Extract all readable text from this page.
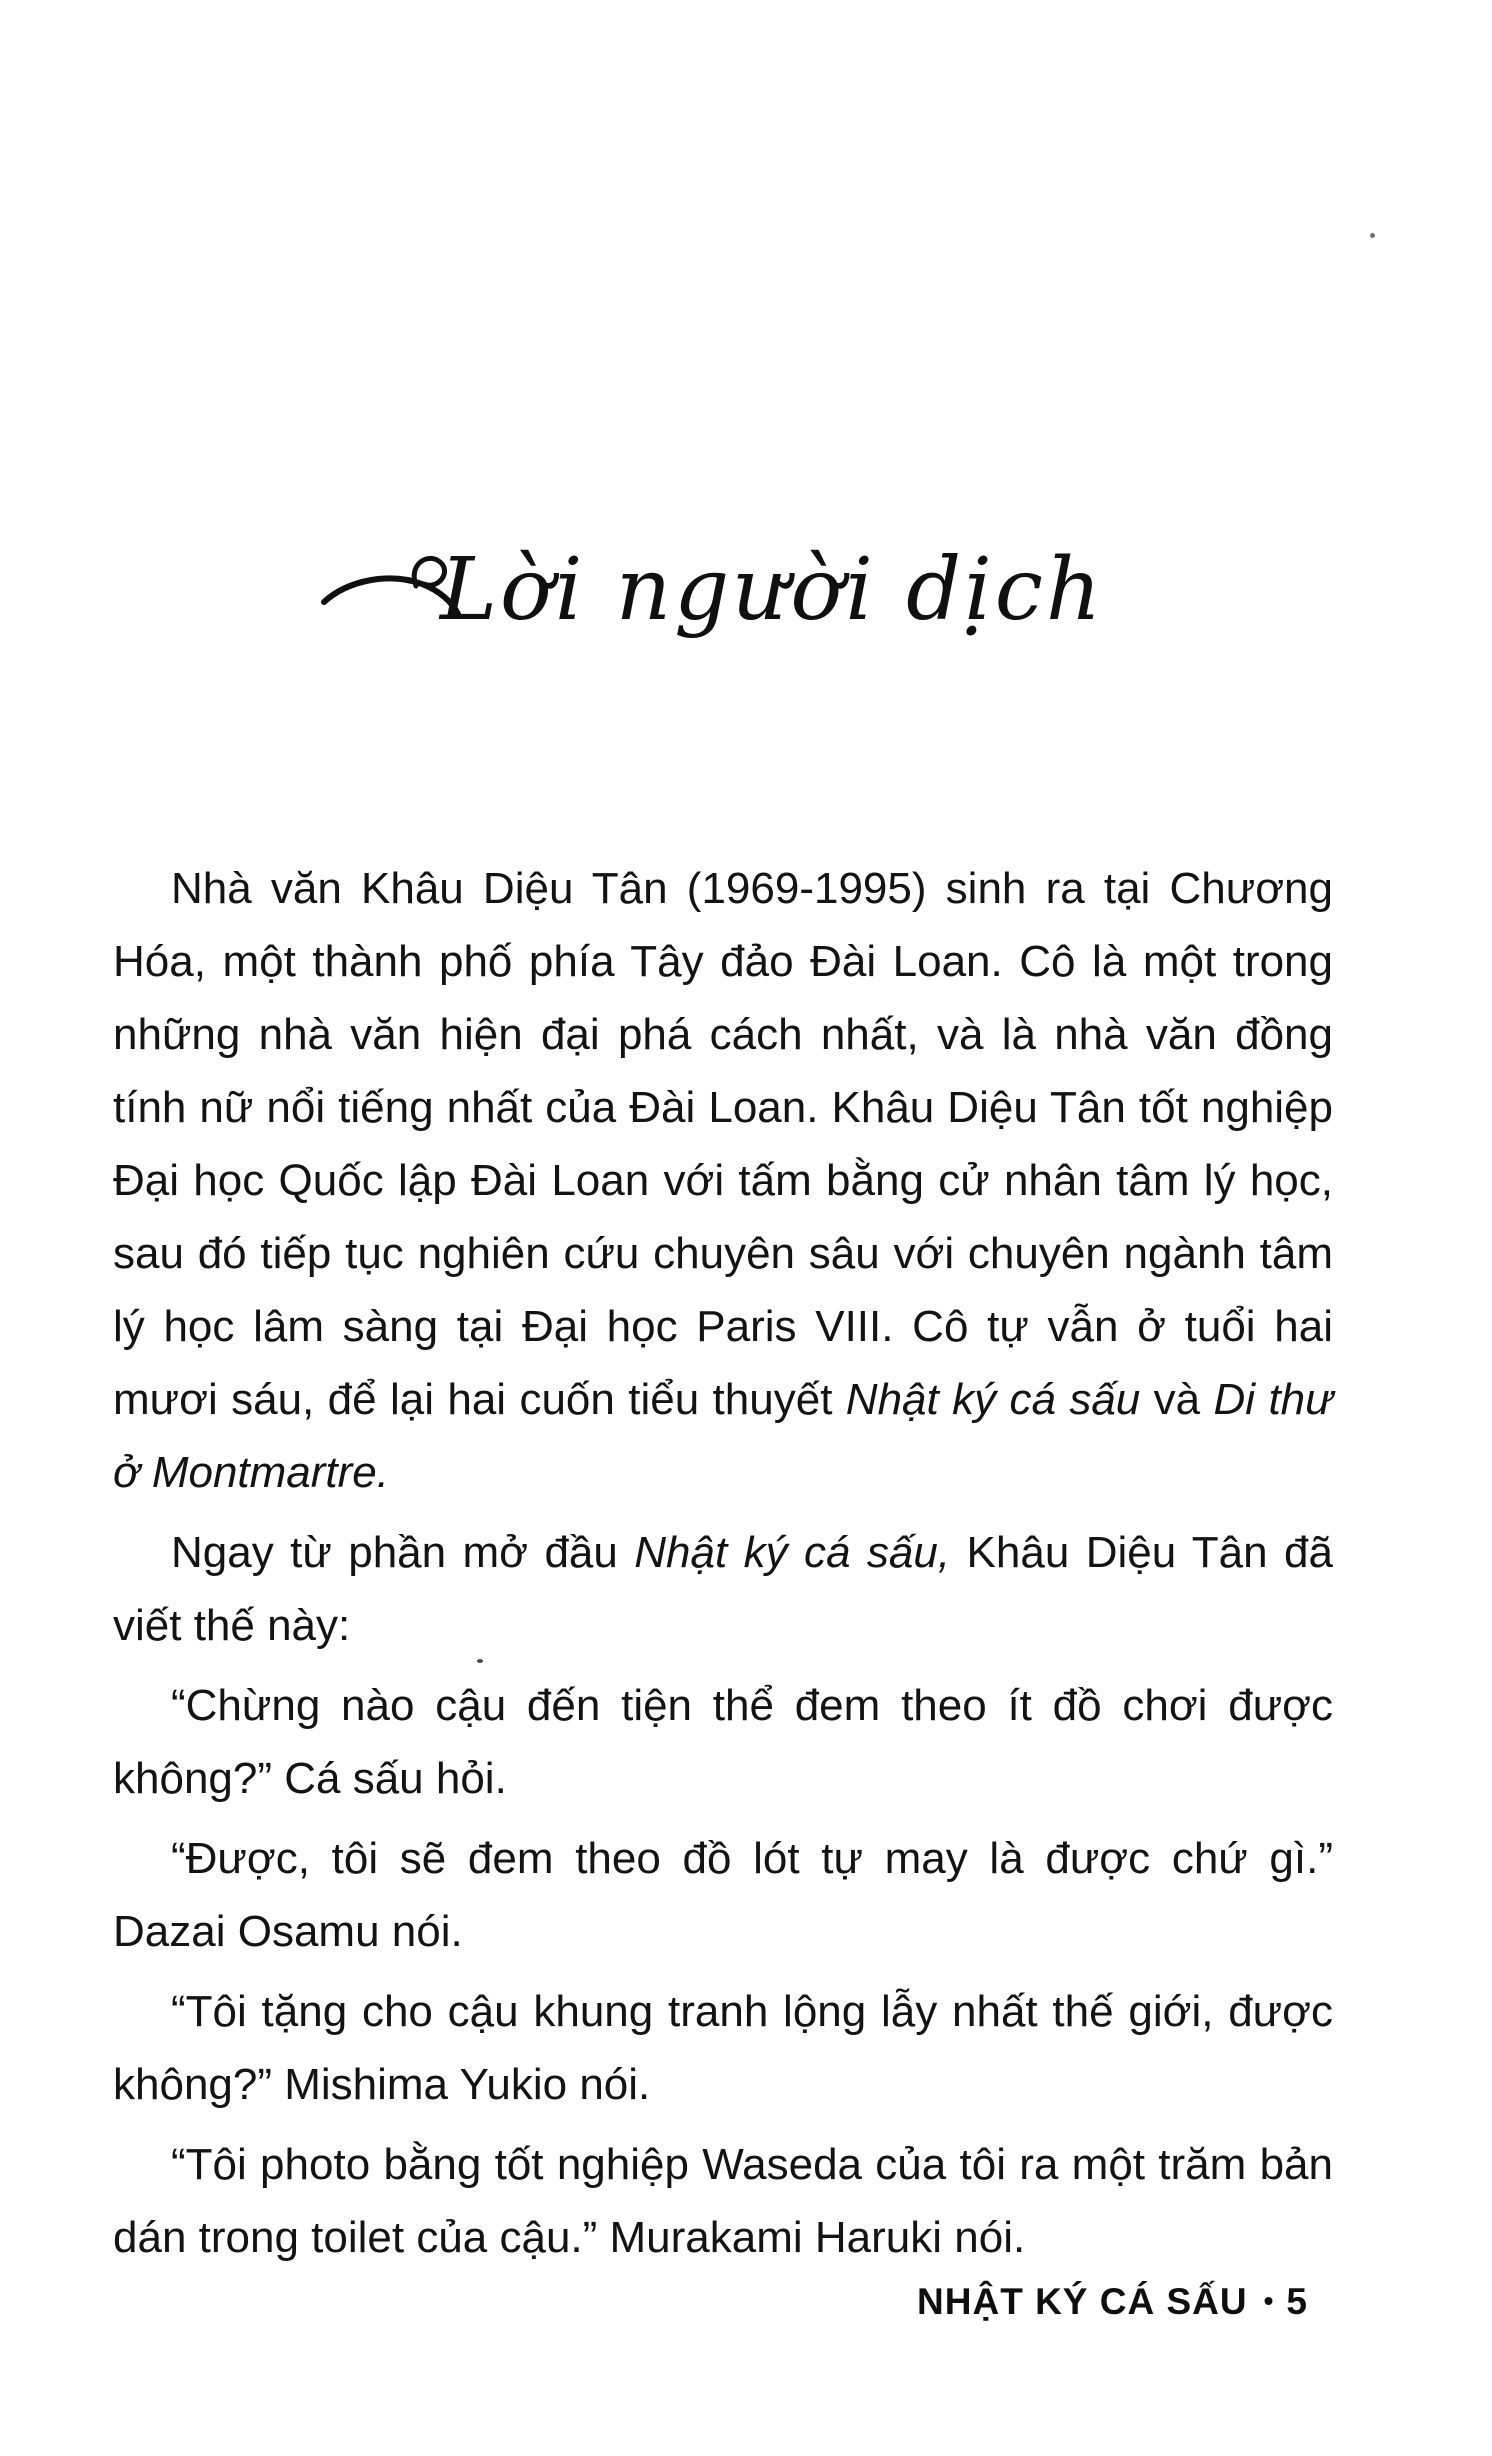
Lời người dịch

Nhà văn Khâu Diệu Tân (1969-1995) sinh ra tại Chương Hóa, một thành phố phía Tây đảo Đài Loan. Cô là một trong những nhà văn hiện đại phá cách nhất, và là nhà văn đồng tính nữ nổi tiếng nhất của Đài Loan. Khâu Diệu Tân tốt nghiệp Đại học Quốc lập Đài Loan với tấm bằng cử nhân tâm lý học, sau đó tiếp tục nghiên cứu chuyên sâu với chuyên ngành tâm lý học lâm sàng tại Đại học Paris VIII. Cô tự vẫn ở tuổi hai mươi sáu, để lại hai cuốn tiểu thuyết Nhật ký cá sấu và Di thư ở Montmartre.

Ngay từ phần mở đầu Nhật ký cá sấu, Khâu Diệu Tân đã viết thế này:

“Chừng nào cậu đến tiện thể đem theo ít đồ chơi được không?” Cá sấu hỏi.

“Được, tôi sẽ đem theo đồ lót tự may là được chứ gì.” Dazai Osamu nói.

“Tôi tặng cho cậu khung tranh lộng lẫy nhất thế giới, được không?” Mishima Yukio nói.

“Tôi photo bằng tốt nghiệp Waseda của tôi ra một trăm bản dán trong toilet của cậu.” Murakami Haruki nói.

NHẬT KÝ CÁ SẤU • 5
